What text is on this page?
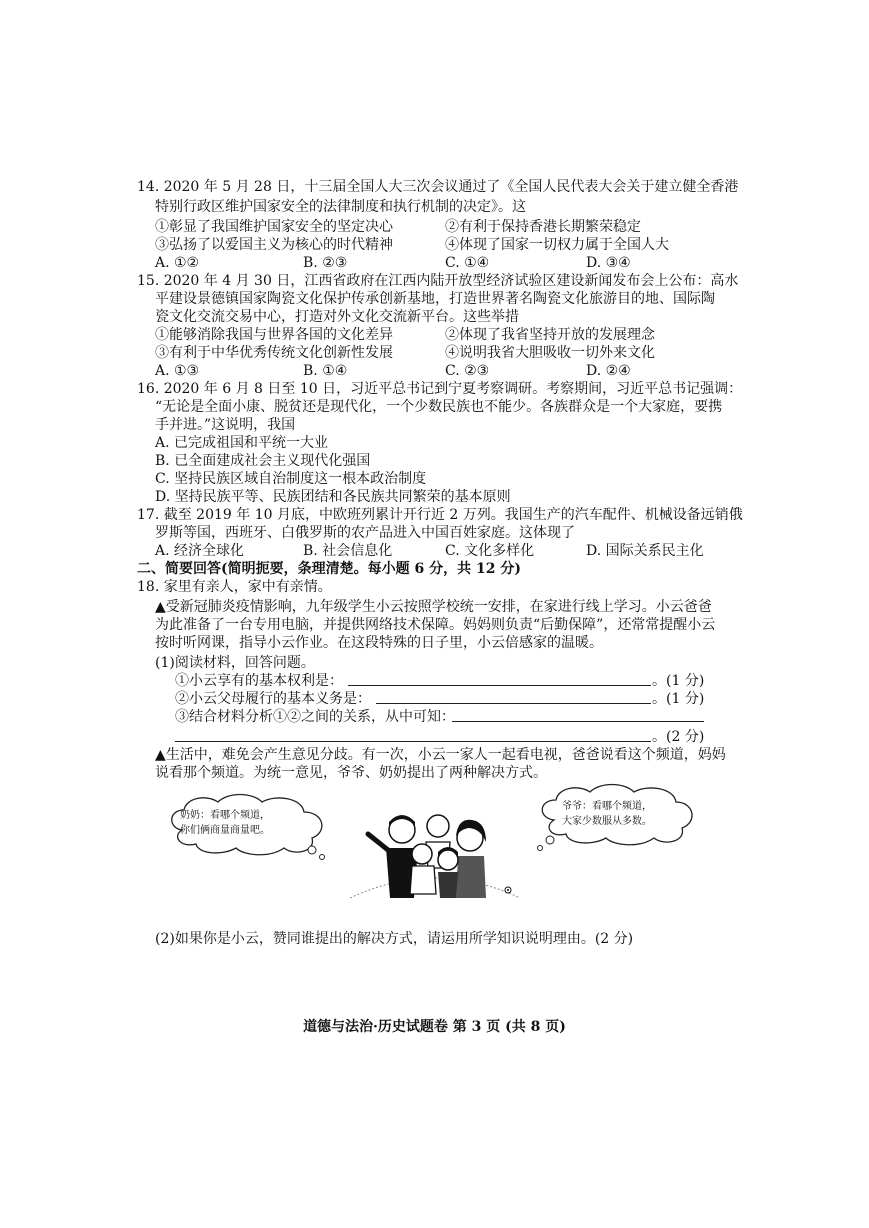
14. 2020 年 5 月 28 日，十三届全国人大三次会议通过了《全国人民代表大会关于建立健全香港
特别行政区维护国家安全的法律制度和执行机制的决定》。这
①彰显了我国维护国家安全的坚定决心	②有利于保持香港长期繁荣稳定
③弘扬了以爱国主义为核心的时代精神	④体现了国家一切权力属于全国人大
A. ①②	B. ②③	C. ①④	D. ③④
15. 2020 年 4 月 30 日，江西省政府在江西内陆开放型经济试验区建设新闻发布会上公布：高水
平建设景德镇国家陶瓷文化保护传承创新基地，打造世界著名陶瓷文化旅游目的地、国际陶
瓷文化交流交易中心，打造对外文化交流新平台。这些举措
①能够消除我国与世界各国的文化差异	②体现了我省坚持开放的发展理念
③有利于中华优秀传统文化创新性发展	④说明我省大胆吸收一切外来文化
A. ①③	B. ①④	C. ②③	D. ②④
16. 2020 年 6 月 8 日至 10 日，习近平总书记到宁夏考察调研。考察期间，习近平总书记强调：
“无论是全面小康、脱贫还是现代化，一个少数民族也不能少。各族群众是一个大家庭，要携
手并进。”这说明，我国
A. 已完成祖国和平统一大业
B. 已全面建成社会主义现代化强国
C. 坚持民族区域自治制度这一根本政治制度
D. 坚持民族平等、民族团结和各民族共同繁荣的基本原则
17. 截至 2019 年 10 月底，中欧班列累计开行近 2 万列。我国生产的汽车配件、机械设备远销俄
罗斯等国，西班牙、白俄罗斯的农产品进入中国百姓家庭。这体现了
A. 经济全球化	B. 社会信息化	C. 文化多样化	D. 国际关系民主化
二、简要回答(简明扼要，条理清楚。每小题 6 分，共 12 分)
18. 家里有亲人，家中有亲情。
▲受新冠肺炎疫情影响，九年级学生小云按照学校统一安排，在家进行线上学习。小云爸爸
为此准备了一台专用电脑，并提供网络技术保障。妈妈则负责“后勤保障”，还常常提醒小云
按时听网课，指导小云作业。在这段特殊的日子里，小云倍感家的温暖。
(1)阅读材料，回答问题。
①小云享有的基本权利是：	。(1 分)
②小云父母履行的基本义务是：	。(1 分)
③结合材料分析①②之间的关系，从中可知：
。(2 分)
▲生活中，难免会产生意见分歧。有一次，小云一家人一起看电视，爸爸说看这个频道，妈妈
说看那个频道。为统一意见，爷爷、奶奶提出了两种解决方式。
奶奶：看哪个频道，
你们俩商量商量吧。
爷爷：看哪个频道，
大家少数服从多数。
(2)如果你是小云，赞同谁提出的解决方式，请运用所学知识说明理由。(2 分)
道德与法治·历史试题卷 第 3 页 (共 8 页)
